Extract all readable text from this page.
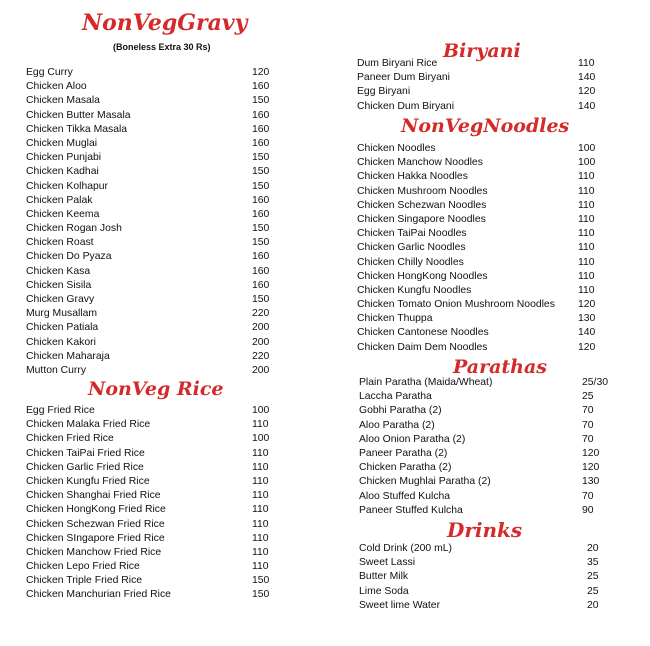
NonVegGravy
(Boneless Extra 30 Rs)
NonVeg Rice
Biryani
NonVegNoodles
Parathas
Drinks
Egg Curry	120
Chicken Aloo	160
Chicken Masala	150
Chicken Butter Masala	160
Chicken Tikka Masala	160
Chicken Muglai	160
Chicken Punjabi	150
Chicken Kadhai	150
Chicken Kolhapur	150
Chicken Palak	160
Chicken Keema	160
Chicken Rogan Josh	150
Chicken Roast	150
Chicken Do Pyaza	160
Chicken Kasa	160
Chicken Sisila	160
Chicken Gravy	150
Murg Musallam	220
Chicken Patiala	200
Chicken Kakori	200
Chicken Maharaja	220
Mutton Curry	200
Egg Fried Rice	100
Chicken Malaka Fried Rice	110
Chicken Fried Rice	100
Chicken TaiPai Fried Rice	110
Chicken Garlic Fried Rice	110
Chicken Kungfu Fried Rice	110
Chicken Shanghai Fried Rice	110
Chicken HongKong Fried Rice	110
Chicken Schezwan Fried Rice	110
Chicken SIngapore Fried Rice	110
Chicken Manchow Fried Rice	110
Chicken Lepo Fried Rice	110
Chicken Triple Fried Rice	150
Chicken Manchurian Fried Rice	150
Dum Biryani Rice	110
Paneer Dum Biryani	140
Egg Biryani	120
Chicken Dum Biryani	140
Chicken Noodles	100
Chicken Manchow Noodles	100
Chicken Hakka Noodles	110
Chicken Mushroom Noodles	110
Chicken Schezwan Noodles	110
Chicken Singapore Noodles	110
Chicken TaiPai Noodles	110
Chicken Garlic Noodles	110
Chicken Chilly Noodles	110
Chicken HongKong Noodles	110
Chicken Kungfu Noodles	110
Chicken Tomato Onion Mushroom Noodles 120
Chicken Thuppa	130
Chicken Cantonese Noodles	140
Chicken Daim Dem Noodles	120
Plain Paratha (Maida/Wheat)	25/30
Laccha Paratha	25
Gobhi Paratha (2)	70
Aloo Paratha (2)	70
Aloo Onion Paratha (2)	70
Paneer Paratha (2)	120
Chicken Paratha (2)	120
Chicken Mughlai Paratha (2)	130
Aloo Stuffed Kulcha	70
Paneer Stuffed Kulcha	90
Cold Drink (200 mL)	20
Sweet Lassi	35
Butter Milk	25
Lime Soda	25
Sweet lime Water	20
